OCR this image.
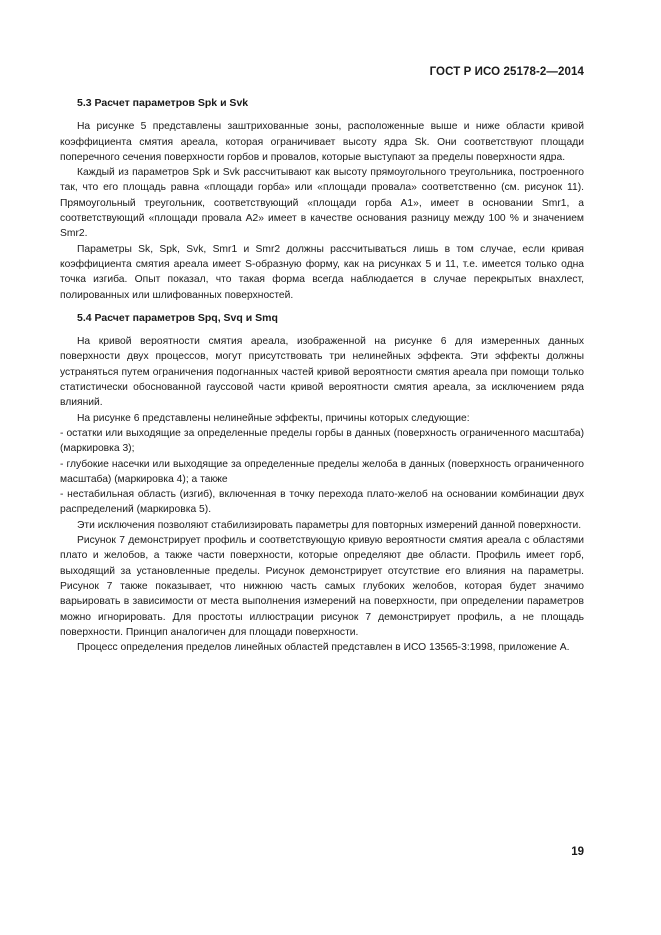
ГОСТ Р ИСО 25178-2—2014
5.3 Расчет параметров Spk и Svk

На рисунке 5 представлены заштрихованные зоны, расположенные выше и ниже области кривой коэффициента смятия ареала, которая ограничивает высоту ядра Sk. Они соответствуют площади поперечного сечения поверхности горбов и провалов, которые выступают за пределы поверхности ядра.

Каждый из параметров Spk и Svk рассчитывают как высоту прямоугольного треугольника, построенного так, что его площадь равна «площади горба» или «площади провала» соответственно (см. рисунок 11). Прямоугольный треугольник, соответствующий «площади горба А1», имеет в основании Smr1, а соответствующий «площади провала А2» имеет в качестве основания разницу между 100 % и значением Smr2.

Параметры Sk, Spk, Svk, Smr1 и Smr2 должны рассчитываться лишь в том случае, если кривая коэффициента смятия ареала имеет S-образную форму, как на рисунках 5 и 11, т.е. имеется только одна точка изгиба. Опыт показал, что такая форма всегда наблюдается в случае перекрытых внахлест, полированных или шлифованных поверхностей.

5.4 Расчет параметров Spq, Svq и Smq

На кривой вероятности смятия ареала, изображенной на рисунке 6 для измеренных данных поверхности двух процессов, могут присутствовать три нелинейных эффекта. Эти эффекты должны устраняться путем ограничения подогнанных частей кривой вероятности смятия ареала при помощи только статистически обоснованной гауссовой части кривой вероятности смятия ареала, за исключением ряда влияний.

На рисунке 6 представлены нелинейные эффекты, причины которых следующие:

- остатки или выходящие за определенные пределы горбы в данных (поверхность ограниченного масштаба) (маркировка 3);

- глубокие насечки или выходящие за определенные пределы желоба в данных (поверхность ограниченного масштаба) (маркировка 4); а также

- нестабильная область (изгиб), включенная в точку перехода плато-желоб на основании комбинации двух распределений (маркировка 5).

Эти исключения позволяют стабилизировать параметры для повторных измерений данной поверхности.

Рисунок 7 демонстрирует профиль и соответствующую кривую вероятности смятия ареала с областями плато и желобов, а также части поверхности, которые определяют две области. Профиль имеет горб, выходящий за установленные пределы. Рисунок демонстрирует отсутствие его влияния на параметры. Рисунок 7 также показывает, что нижнюю часть самых глубоких желобов, которая будет значимо варьировать в зависимости от места выполнения измерений на поверхности, при определении параметров можно игнорировать. Для простоты иллюстрации рисунок 7 демонстрирует профиль, а не площадь поверхности. Принцип аналогичен для площади поверхности.

Процесс определения пределов линейных областей представлен в ИСО 13565-3:1998, приложение А.

19
